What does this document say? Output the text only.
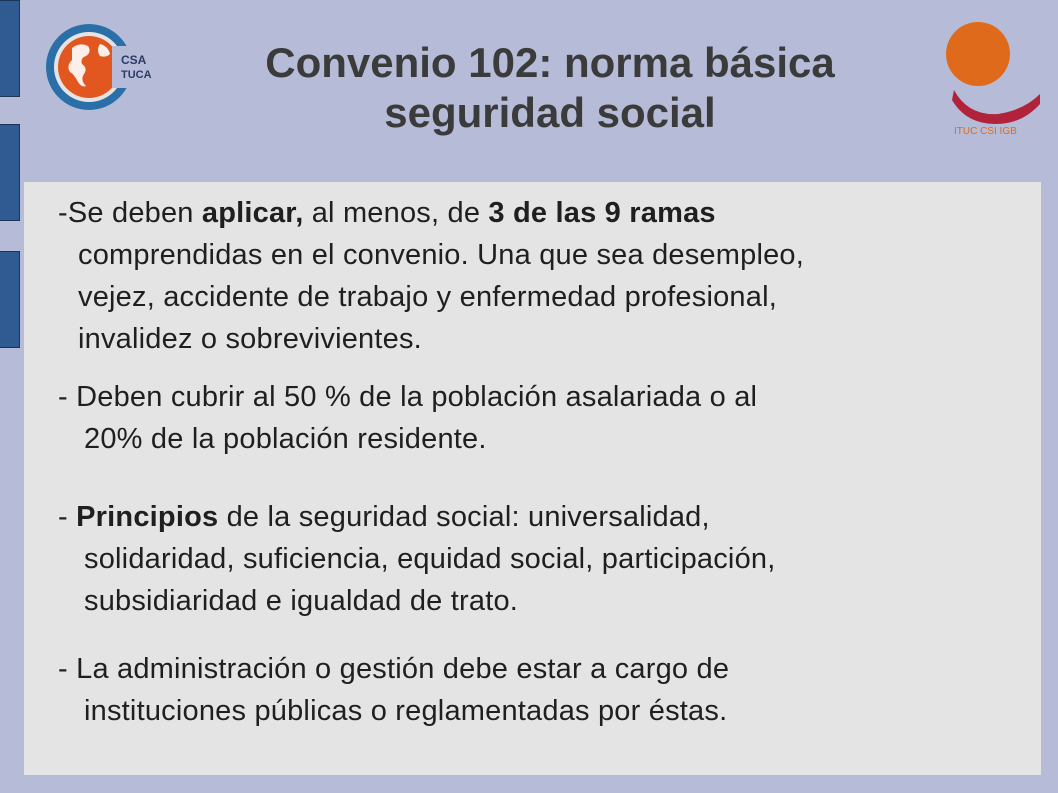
CSA
TUCA	Convenio 102: norma básica
seguridad social	ITUC CSI IGB

-Se deben aplicar, al menos, de 3 de las 9 ramas
comprendidas en el convenio. Una que sea desempleo,
vejez, accidente de trabajo y enfermedad profesional,
invalidez o sobrevivientes.

- Deben cubrir al 50 % de la población asalariada o al
20% de la población residente.

- Principios de la seguridad social: universalidad,
solidaridad, suficiencia, equidad social, participación,
subsidiaridad e igualdad de trato.

- La administración o gestión debe estar a cargo de
instituciones públicas o reglamentadas por éstas.
